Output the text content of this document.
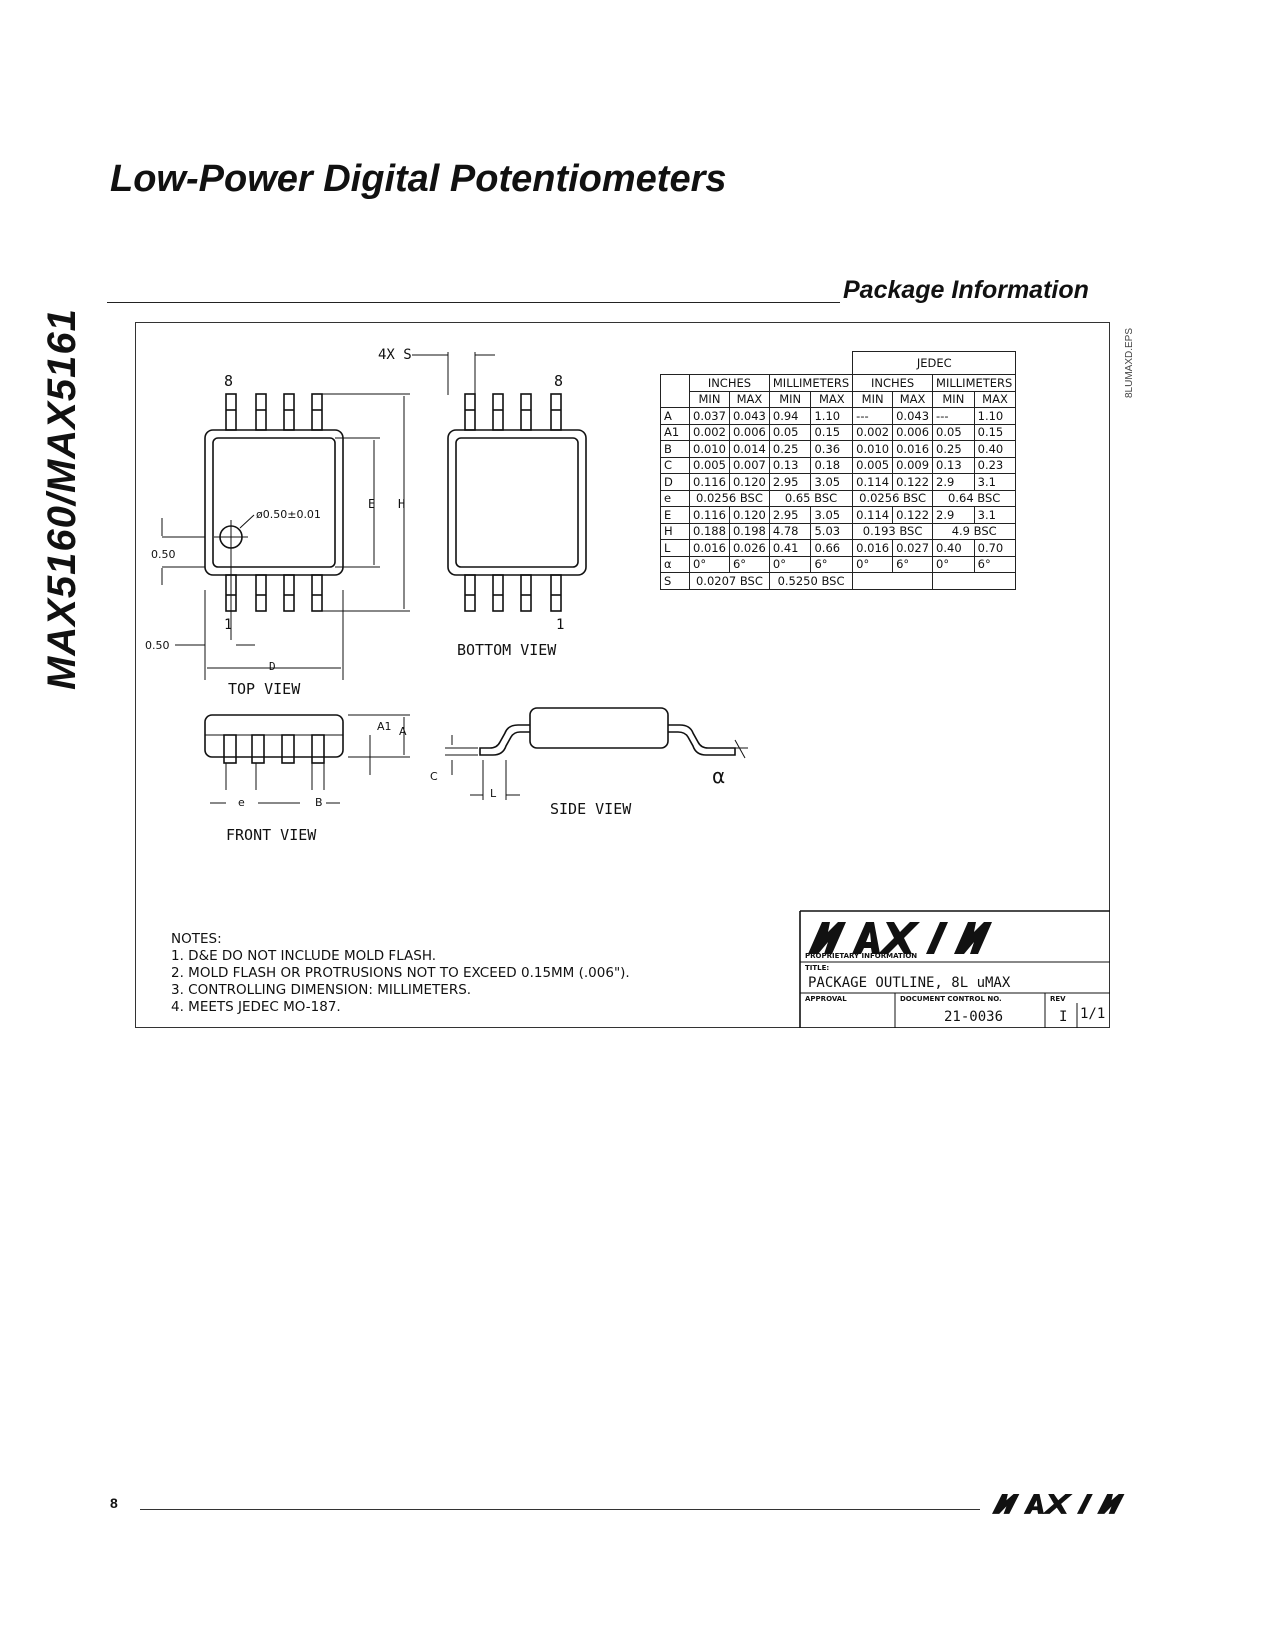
MAX5160/MAX5161
Low-Power Digital Potentiometers
Package Information
8LUMAXD.EPS
4X S
8	8
ø0.50±0.01
E H
0.50
0.50
1	1
D
TOP VIEW
BOTTOM VIEW
A1 A
e	B
FRONT VIEW
C
L
α
SIDE VIEW
					JEDEC			
	INCHES		MILLIMETERS		INCHES		MILLIMETERS	
	MIN	MAX	MIN	MAX	MIN	MAX	MIN	MAX
A	0.037	0.043	0.94	1.10	---	0.043	---	1.10
A1	0.002	0.006	0.05	0.15	0.002	0.006	0.05	0.15
B	0.010	0.014	0.25	0.36	0.010	0.016	0.25	0.40
C	0.005	0.007	0.13	0.18	0.005	0.009	0.13	0.23
D	0.116	0.120	2.95	3.05	0.114	0.122	2.9	3.1
e	0.0256 BSC		0.65 BSC		0.0256 BSC		0.64 BSC	
E	0.116	0.120	2.95	3.05	0.114	0.122	2.9	3.1
H	0.188	0.198	4.78	5.03	0.193 BSC		4.9 BSC	
L	0.016	0.026	0.41	0.66	0.016	0.027	0.40	0.70
α	0°	6°	0°	6°	0°	6°	0°	6°
S	0.0207 BSC		0.5250 BSC					
NOTES:
1. D&E DO NOT INCLUDE MOLD FLASH.
2. MOLD FLASH OR PROTRUSIONS NOT TO EXCEED 0.15MM (.006").
3. CONTROLLING DIMENSION: MILLIMETERS.
4. MEETS JEDEC MO-187.
PROPRIETARY INFORMATION
TITLE:
PACKAGE OUTLINE, 8L uMAX
APPROVAL	DOCUMENT CONTROL NO.
21-0036
REV
I 1/1
8
